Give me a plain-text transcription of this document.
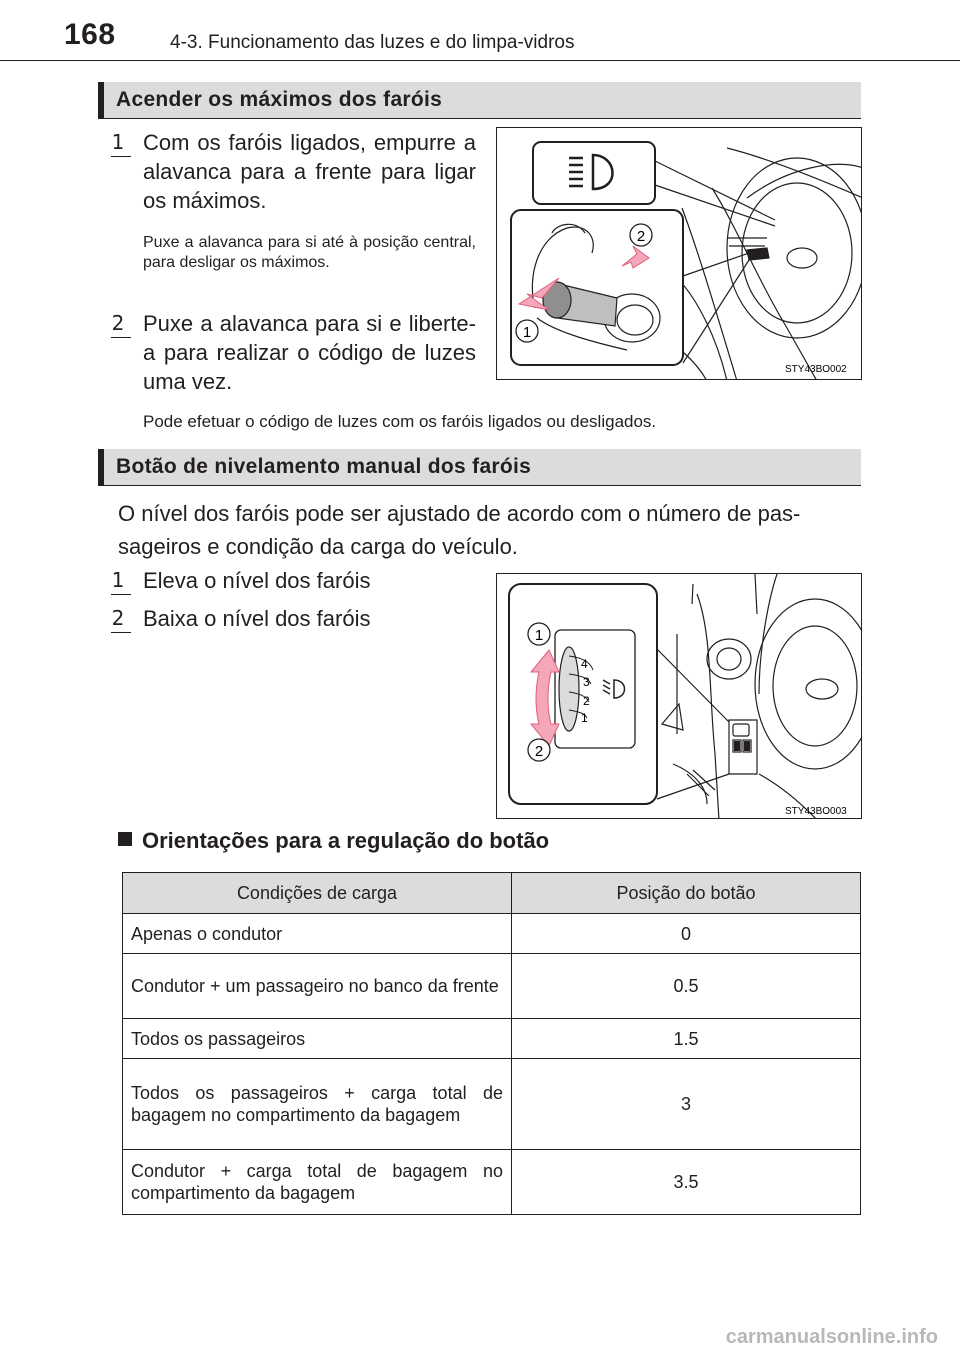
168	4-3. Funcionamento das luzes e do limpa-vidros
Acender os máximos dos faróis
1 Com os faróis ligados, empurre a alavanca para a frente para ligar os máximos.
Puxe a alavanca para si até à posição central, para desligar os máximos.
2 Puxe a alavanca para si e liberte-a para realizar o código de luzes uma vez.
Pode efetuar o código de luzes com os faróis ligados ou desligados.
2
1
STY43BO002
Botão de nivelamento manual dos faróis
O nível dos faróis pode ser ajustado de acordo com o número de pas-
sageiros e condição da carga do veículo.
1 Eleva o nível dos faróis
2 Baixa o nível dos faróis
4
3
2
1
1
2
STY43BO003
Orientações para a regulação do botão
Condições de carga	Posição do botão
Apenas o condutor	0
Condutor + um passageiro no banco da frente	0.5
Todos os passageiros	1.5
Todos os passageiros + carga total de bagagem no compartimento da bagagem	3
Condutor + carga total de bagagem no compartimento da bagagem	3.5
carmanualsonline.info
